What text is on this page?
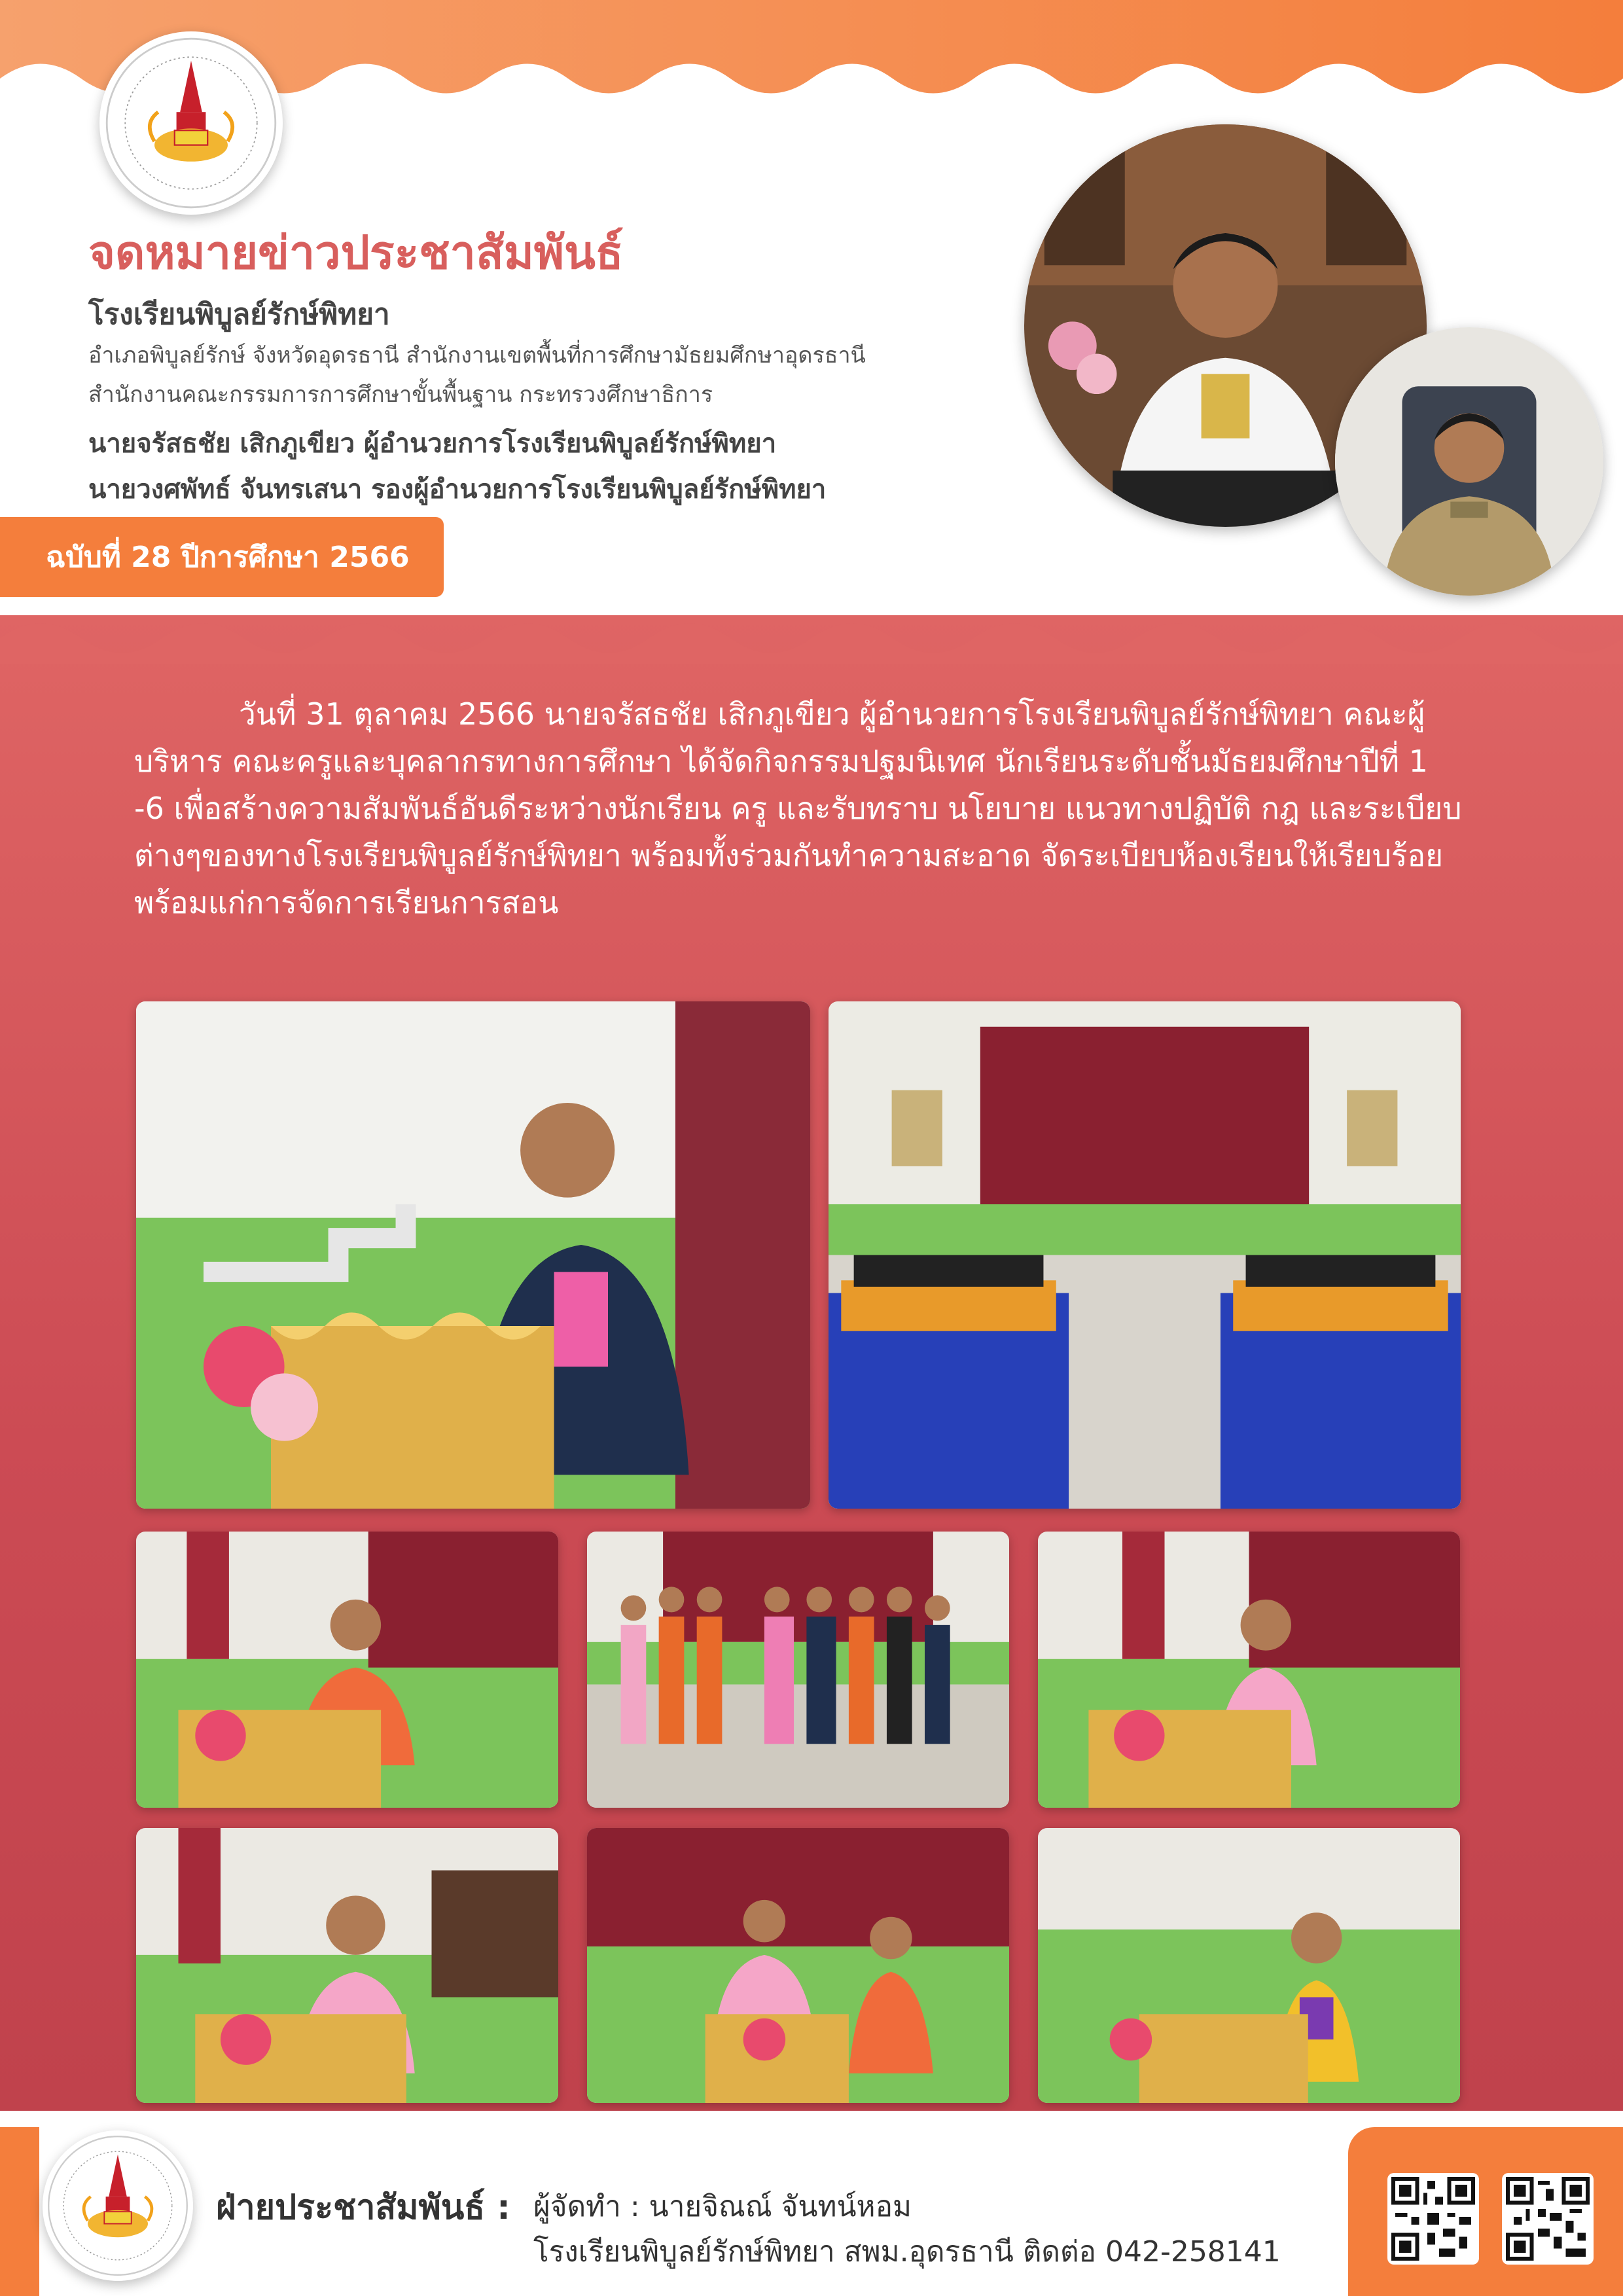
จดหมายข่าวประชาสัมพันธ์
โรงเรียนพิบูลย์รักษ์พิทยา
อำเภอพิบูลย์รักษ์ จังหวัดอุดรธานี สำนักงานเขตพื้นที่การศึกษามัธยมศึกษาอุดรธานี
สำนักงานคณะกรรมการการศึกษาขั้นพื้นฐาน กระทรวงศึกษาธิการ
นายจรัสธชัย เสิกภูเขียว ผู้อำนวยการโรงเรียนพิบูลย์รักษ์พิทยา
นายวงศพัทธ์ จันทรเสนา รองผู้อำนวยการโรงเรียนพิบูลย์รักษ์พิทยา
ฉบับที่ 28 ปีการศึกษา 2566
วันที่ 31 ตุลาคม 2566 นายจรัสธชัย เสิกภูเขียว ผู้อำนวยการโรงเรียนพิบูลย์รักษ์พิทยา คณะผู้บริหาร คณะครูและบุคลากรทางการศึกษา ได้จัดกิจกรรมปฐมนิเทศ นักเรียนระดับชั้นมัธยมศึกษาปีที่ 1 -6 เพื่อสร้างความสัมพันธ์อันดีระหว่างนักเรียน ครู และรับทราบ นโยบาย แนวทางปฏิบัติ กฎ และระเบียบต่างๆของทางโรงเรียนพิบูลย์รักษ์พิทยา พร้อมทั้งร่วมกันทำความสะอาด จัดระเบียบห้องเรียนให้เรียบร้อยพร้อมแก่การจัดการเรียนการสอน
ฝ่ายประชาสัมพันธ์ : ผู้จัดทำ : นายจิณณ์ จันทน์หอม
โรงเรียนพิบูลย์รักษ์พิทยา สพม.อุดรธานี ติดต่อ 042-258141
